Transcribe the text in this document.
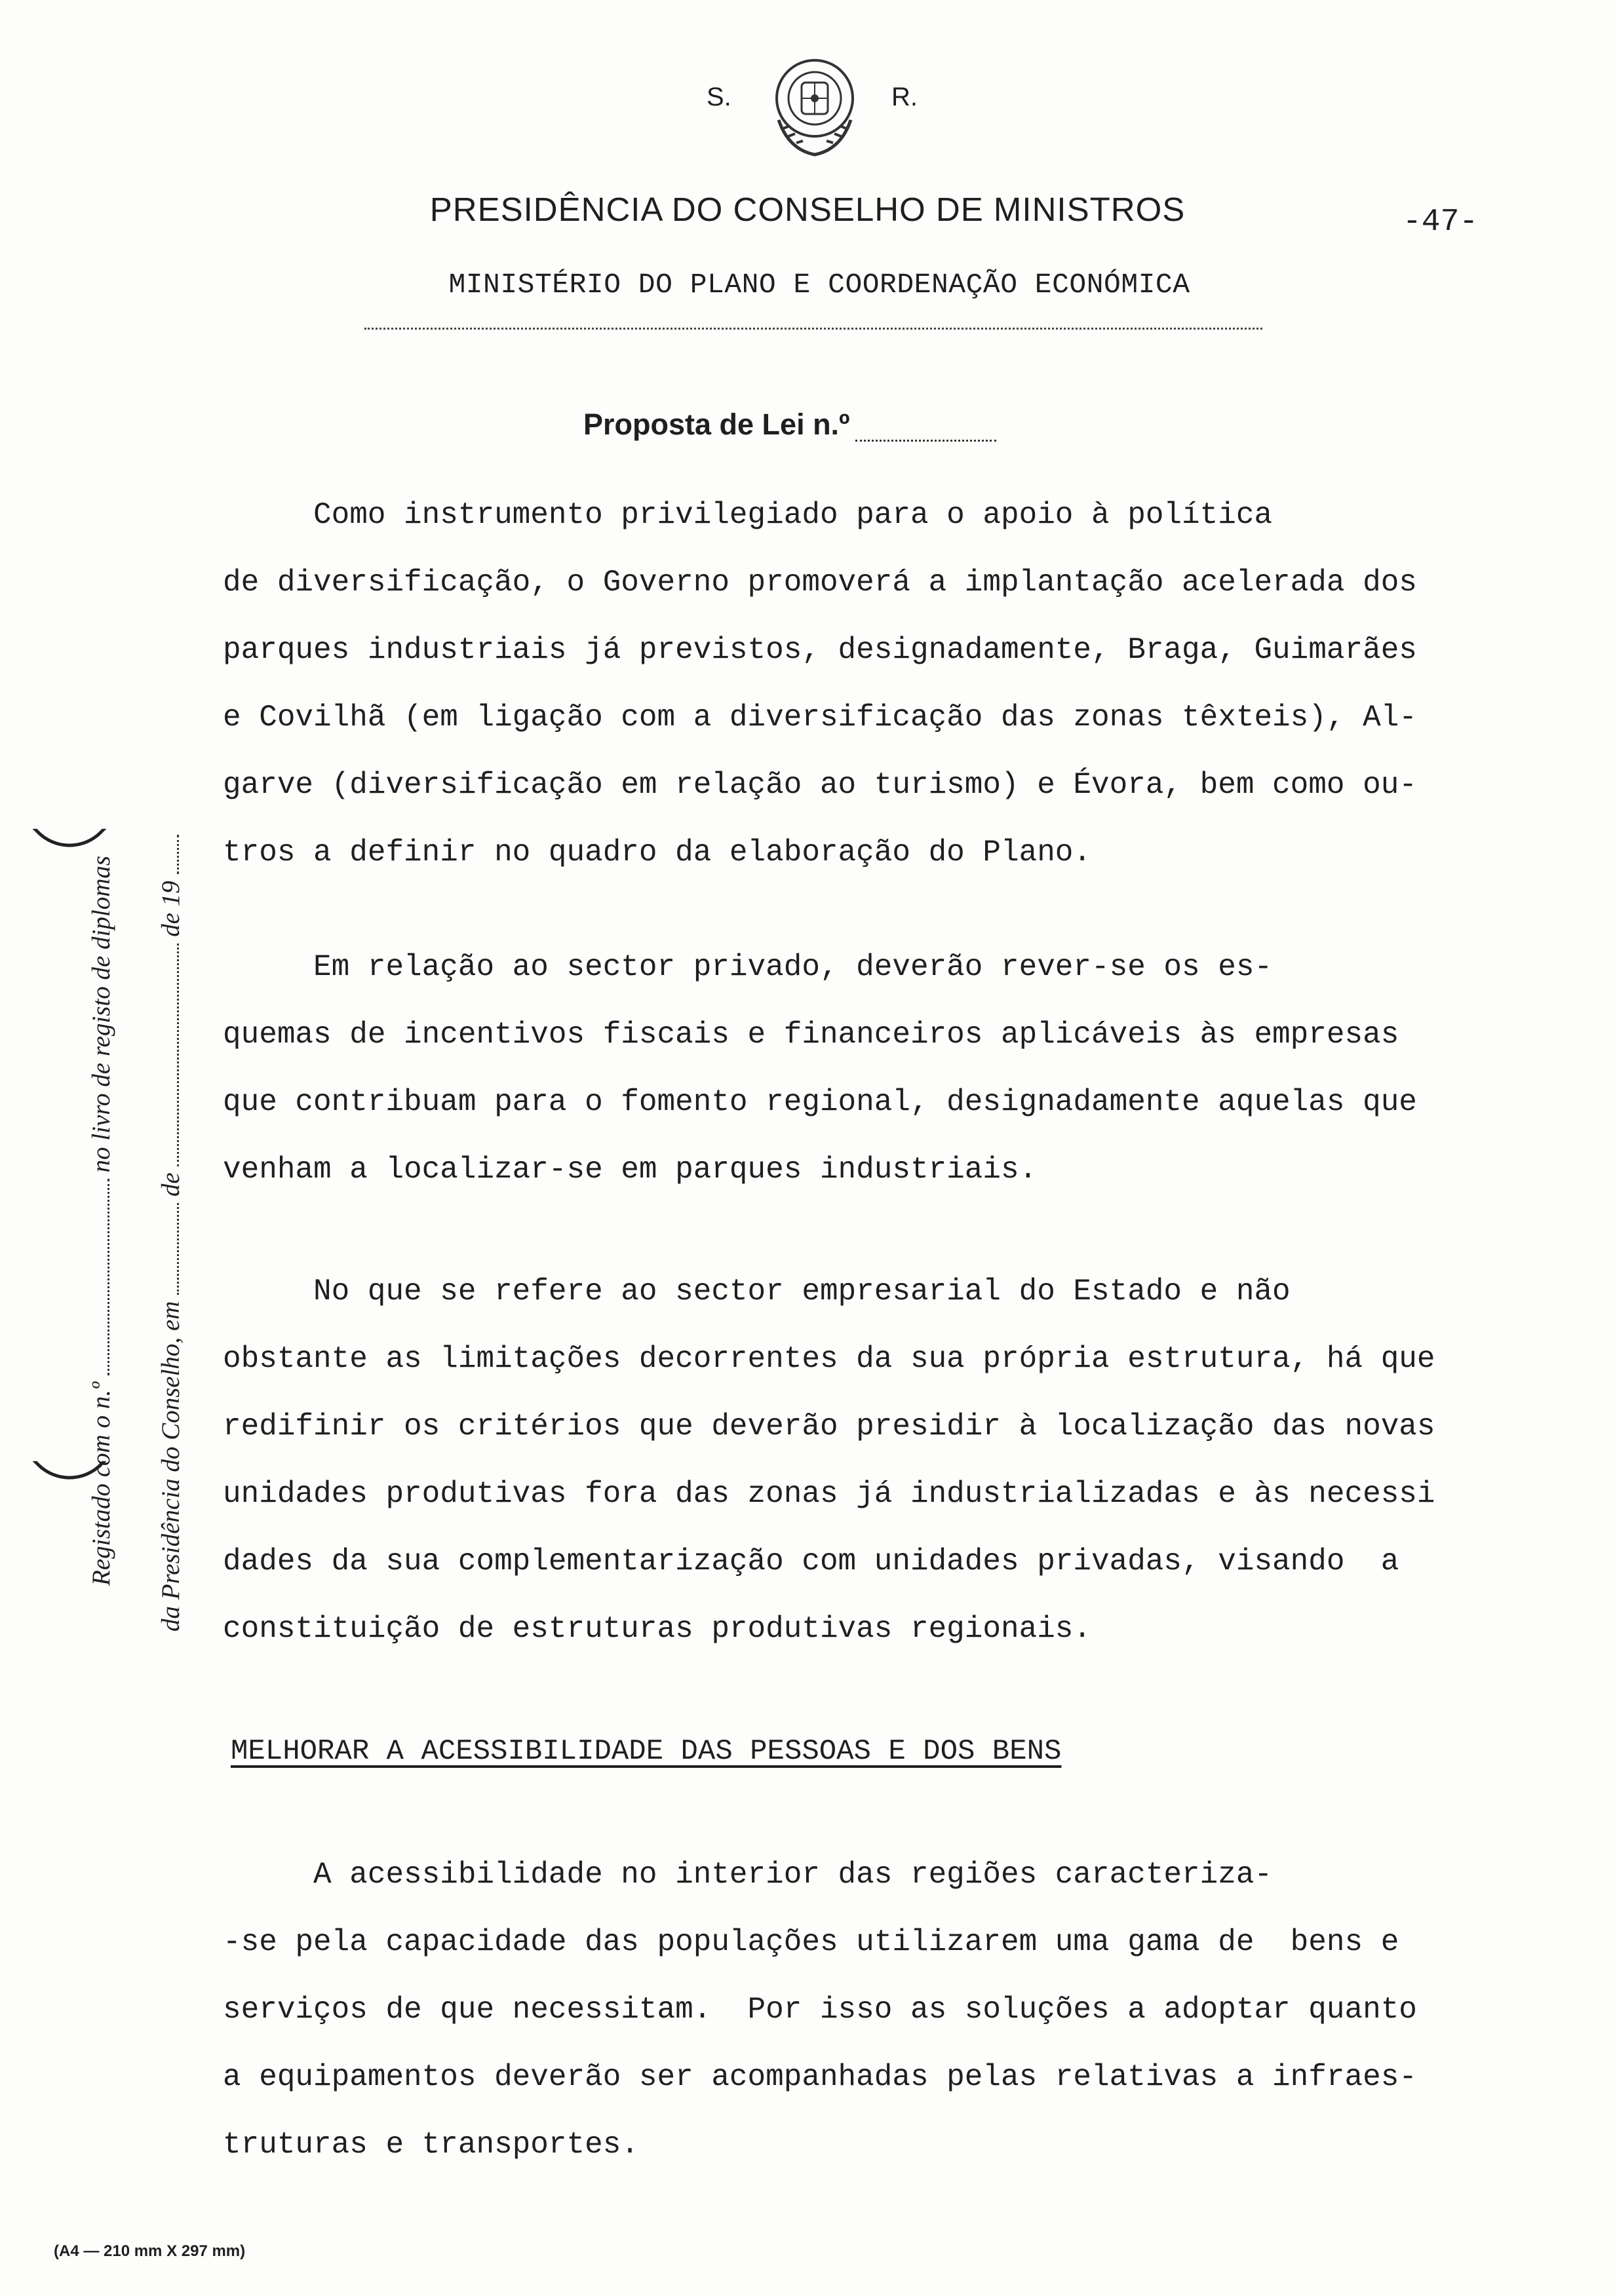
S.	R.
PRESIDÊNCIA DO CONSELHO DE MINISTROS	-47-
MINISTÉRIO DO PLANO E COORDENAÇÃO ECONÓMICA
Proposta de Lei n.º
Como instrumento privilegiado para o apoio à política
de diversificação, o Governo promoverá a implantação acelerada dos
parques industriais já previstos, designadamente, Braga, Guimarães
e Covilhã (em ligação com a diversificação das zonas têxteis), Al-
garve (diversificação em relação ao turismo) e Évora, bem como ou-
tros a definir no quadro da elaboração do Plano.
Em relação ao sector privado, deverão rever-se os es-
quemas de incentivos fiscais e financeiros aplicáveis às empresas
que contribuam para o fomento regional, designadamente aquelas que
venham a localizar-se em parques industriais.
No que se refere ao sector empresarial do Estado e não
obstante as limitações decorrentes da sua própria estrutura, há que
redifinir os critérios que deverão presidir à localização das novas
unidades produtivas fora das zonas já industrializadas e às necessi
dades da sua complementarização com unidades privadas, visando  a
constituição de estruturas produtivas regionais.
MELHORAR A ACESSIBILIDADE DAS PESSOAS E DOS BENS
A acessibilidade no interior das regiões caracteriza-
-se pela capacidade das populações utilizarem uma gama de  bens e
serviços de que necessitam.  Por isso as soluções a adoptar quanto
a equipamentos deverão ser acompanhadas pelas relativas a infraes-
truturas e transportes.
Registado com o n.º  no livro de registo de diplomas
da Presidência do Conselho, em  de  de 19
(A4 — 210 mm X 297 mm)
